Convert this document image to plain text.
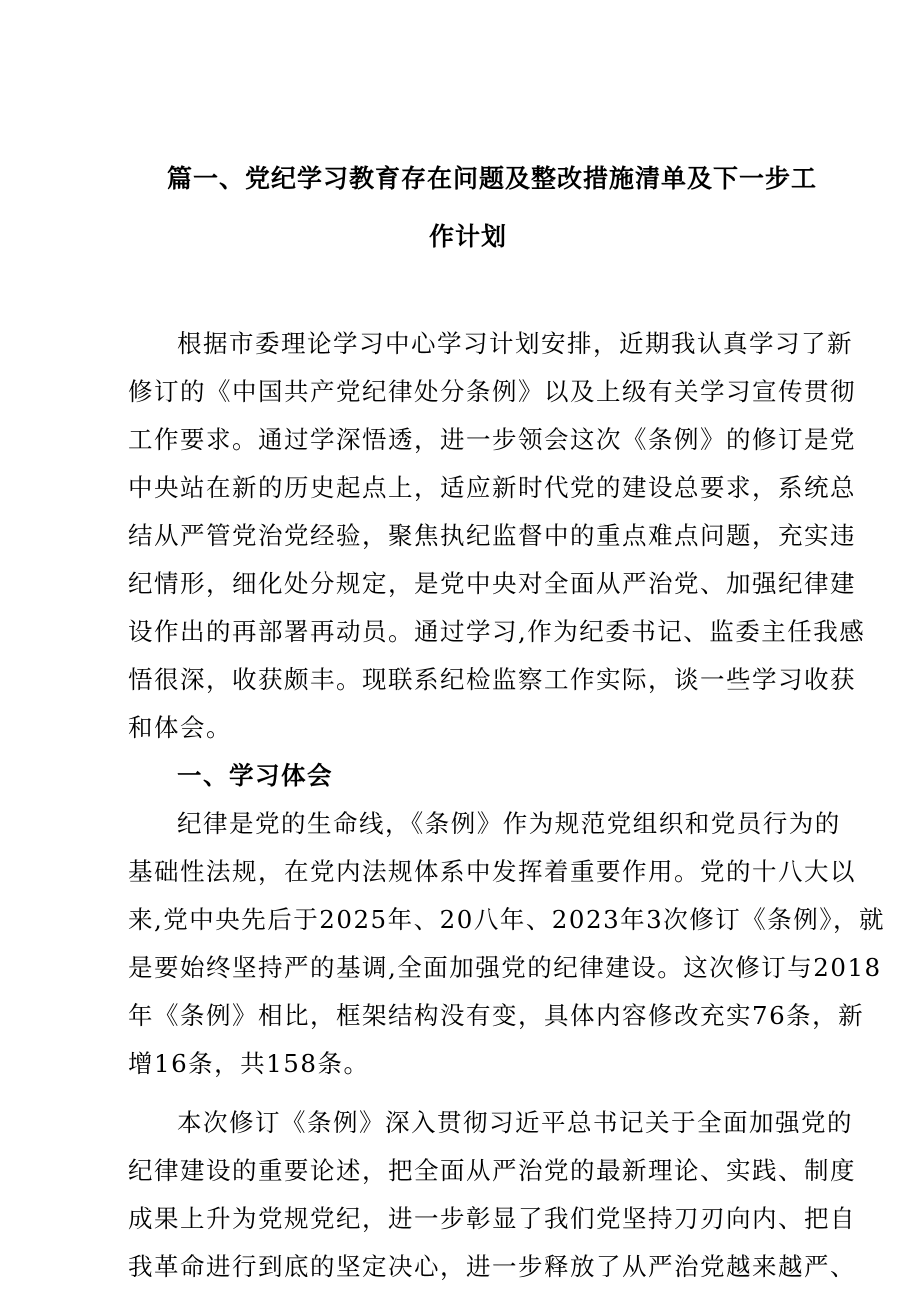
篇一、党纪学习教育存在问题及整改措施清单及下一步工
作计划
根据市委理论学习中心学习计划安排，近期我认真学习了新
修订的《中国共产党纪律处分条例》以及上级有关学习宣传贯彻
工作要求。通过学深悟透，进一步领会这次《条例》的修订是党
中央站在新的历史起点上，适应新时代党的建设总要求，系统总
结从严管党治党经验，聚焦执纪监督中的重点难点问题，充实违
纪情形，细化处分规定，是党中央对全面从严治党、加强纪律建
设作出的再部署再动员。通过学习,作为纪委书记、监委主任我感
悟很深，收获颇丰。现联系纪检监察工作实际，谈一些学习收获
和体会。
一、学习体会
纪律是党的生命线，《条例》作为规范党组织和党员行为的
基础性法规，在党内法规体系中发挥着重要作用。党的十八大以
来,党中央先后于2025年、20八年、2023年3次修订《条例》，就
是要始终坚持严的基调,全面加强党的纪律建设。这次修订与2018
年《条例》相比，框架结构没有变，具体内容修改充实76条，新
增16条，共158条。
本次修订《条例》深入贯彻习近平总书记关于全面加强党的
纪律建设的重要论述，把全面从严治党的最新理论、实践、制度
成果上升为党规党纪，进一步彰显了我们党坚持刀刃向内、把自
我革命进行到底的坚定决心，进一步释放了从严治党越来越严、
